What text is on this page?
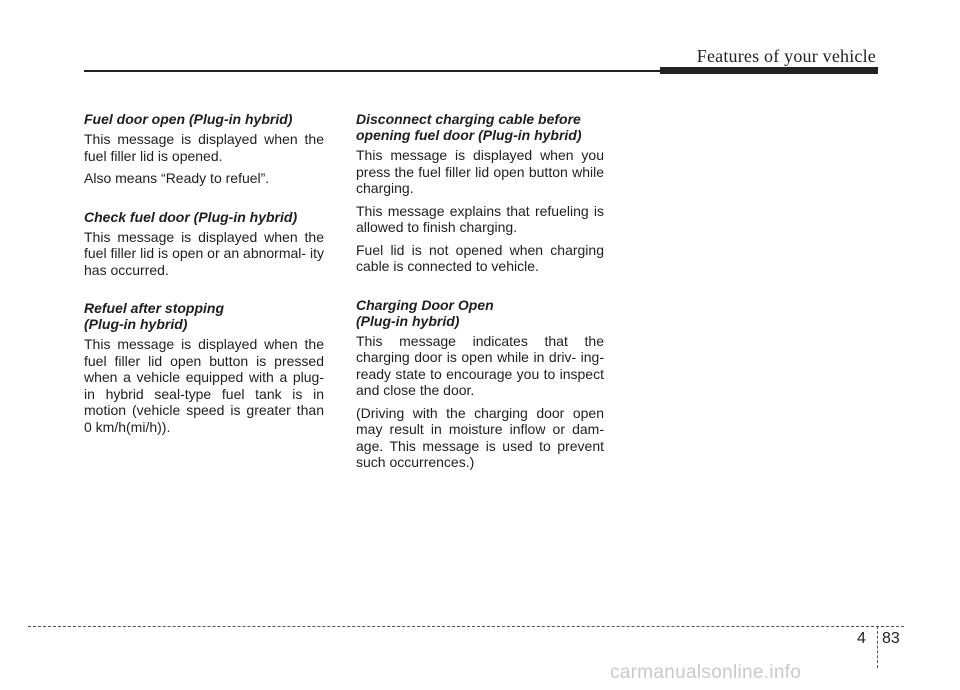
Features of your vehicle

Fuel door open (Plug-in hybrid)

This message is displayed when the fuel filler lid is opened.

Also means “Ready to refuel”.

Check fuel door (Plug-in hybrid)

This message is displayed when the fuel filler lid is open or an abnormal- ity has occurred.

Refuel after stopping
(Plug-in hybrid)

This message is displayed when the fuel filler lid open button is pressed when a vehicle equipped with a plug- in hybrid seal-type fuel tank is in motion (vehicle speed is greater than 0 km/h(mi/h)).

Disconnect charging cable before
opening fuel door (Plug-in hybrid)

This message is displayed when you press the fuel filler lid open button while charging.

This message explains that refueling is allowed to finish charging.

Fuel lid is not opened when charging cable is connected to vehicle.

Charging Door Open
(Plug-in hybrid)

This message indicates that the charging door is open while in driv- ing-ready state to encourage you to inspect and close the door.

(Driving with the charging door open may result in moisture inflow or dam- age. This message is used to prevent such occurrences.)

4 83
carmanualsonline.info
